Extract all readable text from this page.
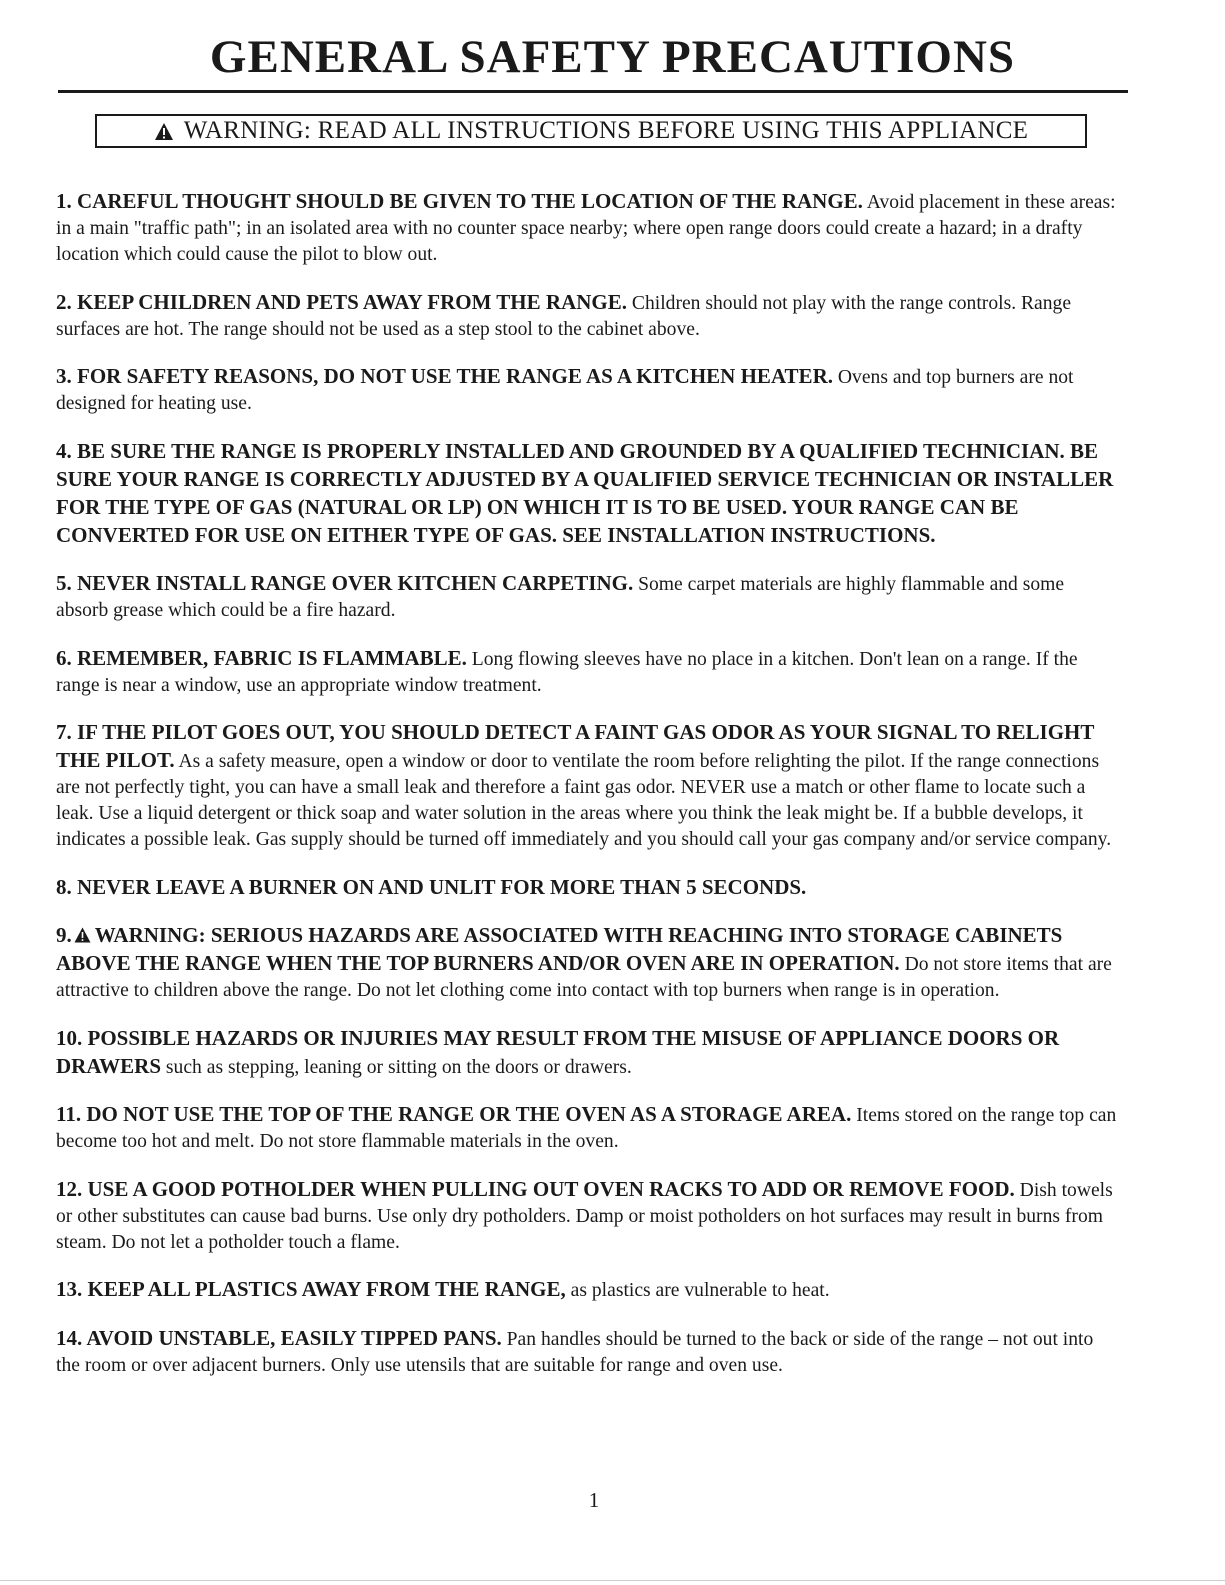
GENERAL SAFETY PRECAUTIONS
WARNING: READ ALL INSTRUCTIONS BEFORE USING THIS APPLIANCE

1. CAREFUL THOUGHT SHOULD BE GIVEN TO THE LOCATION OF THE RANGE. Avoid placement in these areas: in a main "traffic path"; in an isolated area with no counter space nearby; where open range doors could create a hazard; in a drafty location which could cause the pilot to blow out.

2. KEEP CHILDREN AND PETS AWAY FROM THE RANGE. Children should not play with the range controls. Range surfaces are hot. The range should not be used as a step stool to the cabinet above.

3. FOR SAFETY REASONS, DO NOT USE THE RANGE AS A KITCHEN HEATER. Ovens and top burners are not designed for heating use.

4. BE SURE THE RANGE IS PROPERLY INSTALLED AND GROUNDED BY A QUALIFIED TECHNICIAN. BE SURE YOUR RANGE IS CORRECTLY ADJUSTED BY A QUALIFIED SERVICE TECHNICIAN OR INSTALLER FOR THE TYPE OF GAS (NATURAL OR LP) ON WHICH IT IS TO BE USED. YOUR RANGE CAN BE CONVERTED FOR USE ON EITHER TYPE OF GAS. SEE INSTALLATION INSTRUCTIONS.

5. NEVER INSTALL RANGE OVER KITCHEN CARPETING. Some carpet materials are highly flammable and some absorb grease which could be a fire hazard.

6. REMEMBER, FABRIC IS FLAMMABLE. Long flowing sleeves have no place in a kitchen. Don't lean on a range. If the range is near a window, use an appropriate window treatment.

7. IF THE PILOT GOES OUT, YOU SHOULD DETECT A FAINT GAS ODOR AS YOUR SIGNAL TO RELIGHT THE PILOT. As a safety measure, open a window or door to ventilate the room before relighting the pilot. If the range connections are not perfectly tight, you can have a small leak and therefore a faint gas odor. NEVER use a match or other flame to locate such a leak. Use a liquid detergent or thick soap and water solution in the areas where you think the leak might be. If a bubble develops, it indicates a possible leak. Gas supply should be turned off immediately and you should call your gas company and/or service company.

8. NEVER LEAVE A BURNER ON AND UNLIT FOR MORE THAN 5 SECONDS.

9. WARNING: SERIOUS HAZARDS ARE ASSOCIATED WITH REACHING INTO STORAGE CABINETS ABOVE THE RANGE WHEN THE TOP BURNERS AND/OR OVEN ARE IN OPERATION. Do not store items that are attractive to children above the range. Do not let clothing come into contact with top burners when range is in operation.

10. POSSIBLE HAZARDS OR INJURIES MAY RESULT FROM THE MISUSE OF APPLIANCE DOORS OR DRAWERS such as stepping, leaning or sitting on the doors or drawers.

11. DO NOT USE THE TOP OF THE RANGE OR THE OVEN AS A STORAGE AREA. Items stored on the range top can become too hot and melt. Do not store flammable materials in the oven.

12. USE A GOOD POTHOLDER WHEN PULLING OUT OVEN RACKS TO ADD OR REMOVE FOOD. Dish towels or other substitutes can cause bad burns. Use only dry potholders. Damp or moist potholders on hot surfaces may result in burns from steam. Do not let a potholder touch a flame.

13. KEEP ALL PLASTICS AWAY FROM THE RANGE, as plastics are vulnerable to heat.

14. AVOID UNSTABLE, EASILY TIPPED PANS. Pan handles should be turned to the back or side of the range – not out into the room or over adjacent burners. Only use utensils that are suitable for range and oven use.

1
